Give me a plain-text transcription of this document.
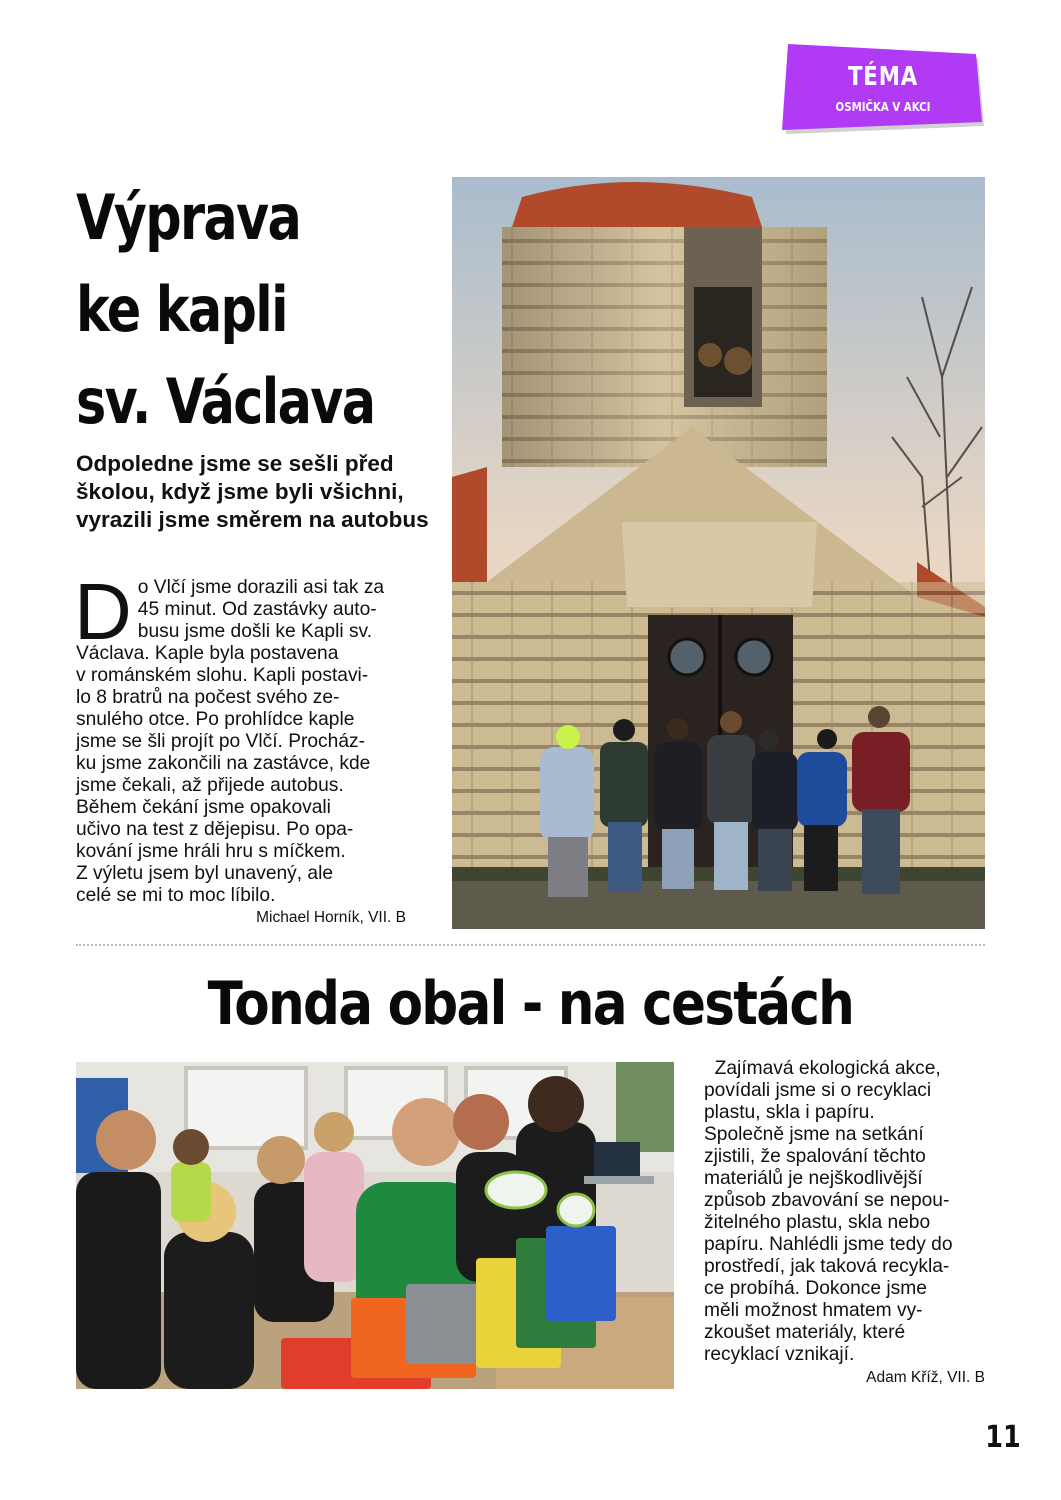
TÉMA
OSMIČKA V AKCI
Výprava
ke kapli
sv. Václava

Odpoledne jsme se sešli před školou, když jsme byli všichni, vyrazili jsme směrem na autobus

D o Vlčí jsme dorazili asi tak za
45 minut. Od zastávky auto-
busu jsme došli ke Kapli sv.
Václava. Kaple byla postavena
v románském slohu. Kapli postavi-
lo 8 bratrů na počest svého ze-
snulého otce. Po prohlídce kaple
jsme se šli projít po Vlčí. Procház-
ku jsme zakončili na zastávce, kde
jsme čekali, až přijede autobus.
Během čekání jsme opakovali
učivo na test z dějepisu. Po opa-
kování jsme hráli hru s míčkem.
Z výletu jsem byl unavený, ale
celé se mi to moc líbilo.
Michael Horník, VII. B
Tonda obal - na cestách
Zajímavá ekologická akce,
povídali jsme si o recyklaci
plastu, skla i papíru.
Společně jsme na setkání
zjistili, že spalování těchto
materiálů je nejškodlivější
způsob zbavování se nepou-
žitelného plastu, skla nebo
papíru. Nahlédli jsme tedy do
prostředí, jak taková recykla-
ce probíhá. Dokonce jsme
měli možnost hmatem vy-
zkoušet materiály, které
recyklací vznikají.
Adam Kříž, VII. B
11
